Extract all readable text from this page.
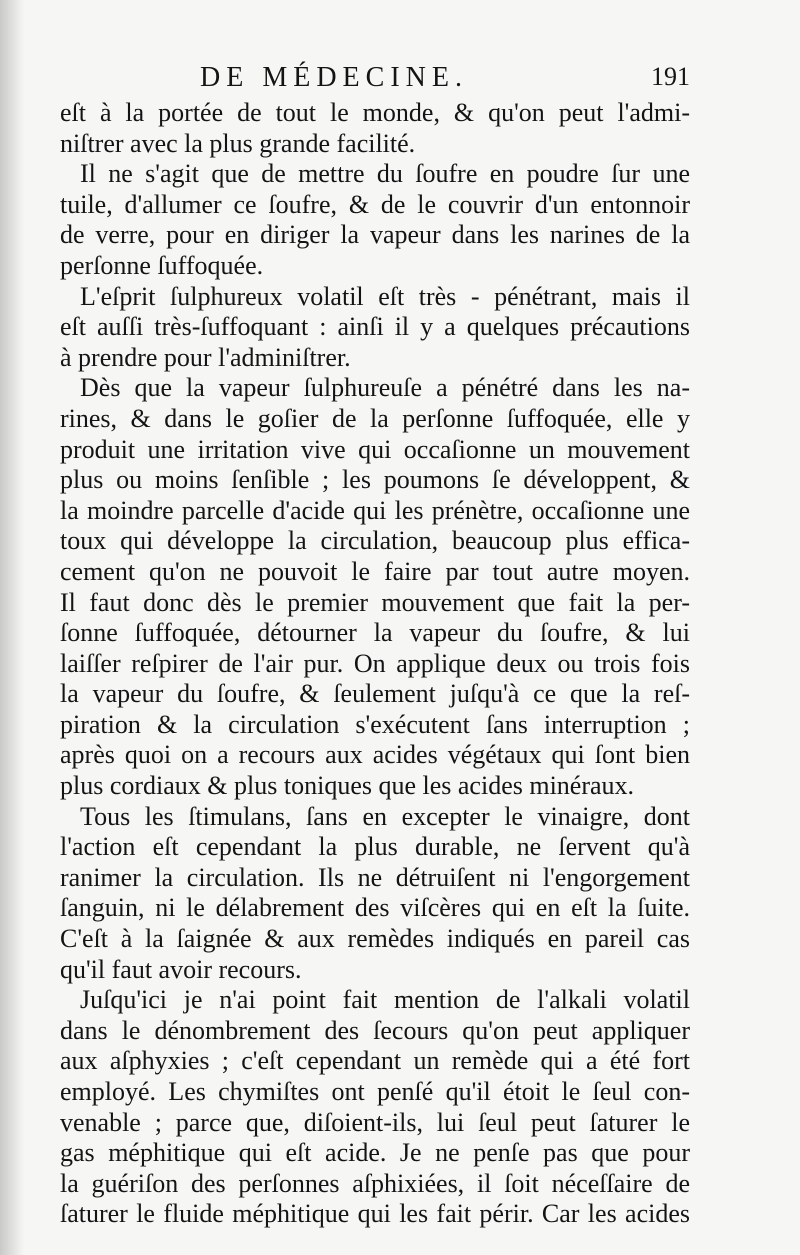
DE MÉDECINE.	191
eſt à la portée de tout le monde, & qu'on peut l'admi-
niſtrer avec la plus grande facilité.
Il ne s'agit que de mettre du ſoufre en poudre ſur une
tuile, d'allumer ce ſoufre, & de le couvrir d'un entonnoir
de verre, pour en diriger la vapeur dans les narines de la
perſonne ſuffoquée.
L'eſprit ſulphureux volatil eſt très - pénétrant, mais il
eſt auſſi très-ſuffoquant : ainſi il y a quelques précautions
à prendre pour l'adminiſtrer.
Dès que la vapeur ſulphureuſe a pénétré dans les na-
rines, & dans le goſier de la perſonne ſuffoquée, elle y
produit une irritation vive qui occaſionne un mouvement
plus ou moins ſenſible ; les poumons ſe développent, &
la moindre parcelle d'acide qui les prénètre, occaſionne une
toux qui développe la circulation, beaucoup plus effica-
cement qu'on ne pouvoit le faire par tout autre moyen.
Il faut donc dès le premier mouvement que fait la per-
ſonne ſuffoquée, détourner la vapeur du ſoufre, & lui
laiſſer reſpirer de l'air pur. On applique deux ou trois fois
la vapeur du ſoufre, & ſeulement juſqu'à ce que la reſ-
piration & la circulation s'exécutent ſans interruption ;
après quoi on a recours aux acides végétaux qui ſont bien
plus cordiaux & plus toniques que les acides minéraux.
Tous les ſtimulans, ſans en excepter le vinaigre, dont
l'action eſt cependant la plus durable, ne ſervent qu'à
ranimer la circulation. Ils ne détruiſent ni l'engorgement
ſanguin, ni le délabrement des viſcères qui en eſt la ſuite.
C'eſt à la ſaignée & aux remèdes indiqués en pareil cas
qu'il faut avoir recours.
Juſqu'ici je n'ai point fait mention de l'alkali volatil
dans le dénombrement des ſecours qu'on peut appliquer
aux aſphyxies ; c'eſt cependant un remède qui a été fort
employé. Les chymiſtes ont penſé qu'il étoit le ſeul con-
venable ; parce que, diſoient-ils, lui ſeul peut ſaturer le
gas méphitique qui eſt acide. Je ne penſe pas que pour
la guériſon des perſonnes aſphixiées, il ſoit néceſſaire de
ſaturer le fluide méphitique qui les fait périr. Car les acides
